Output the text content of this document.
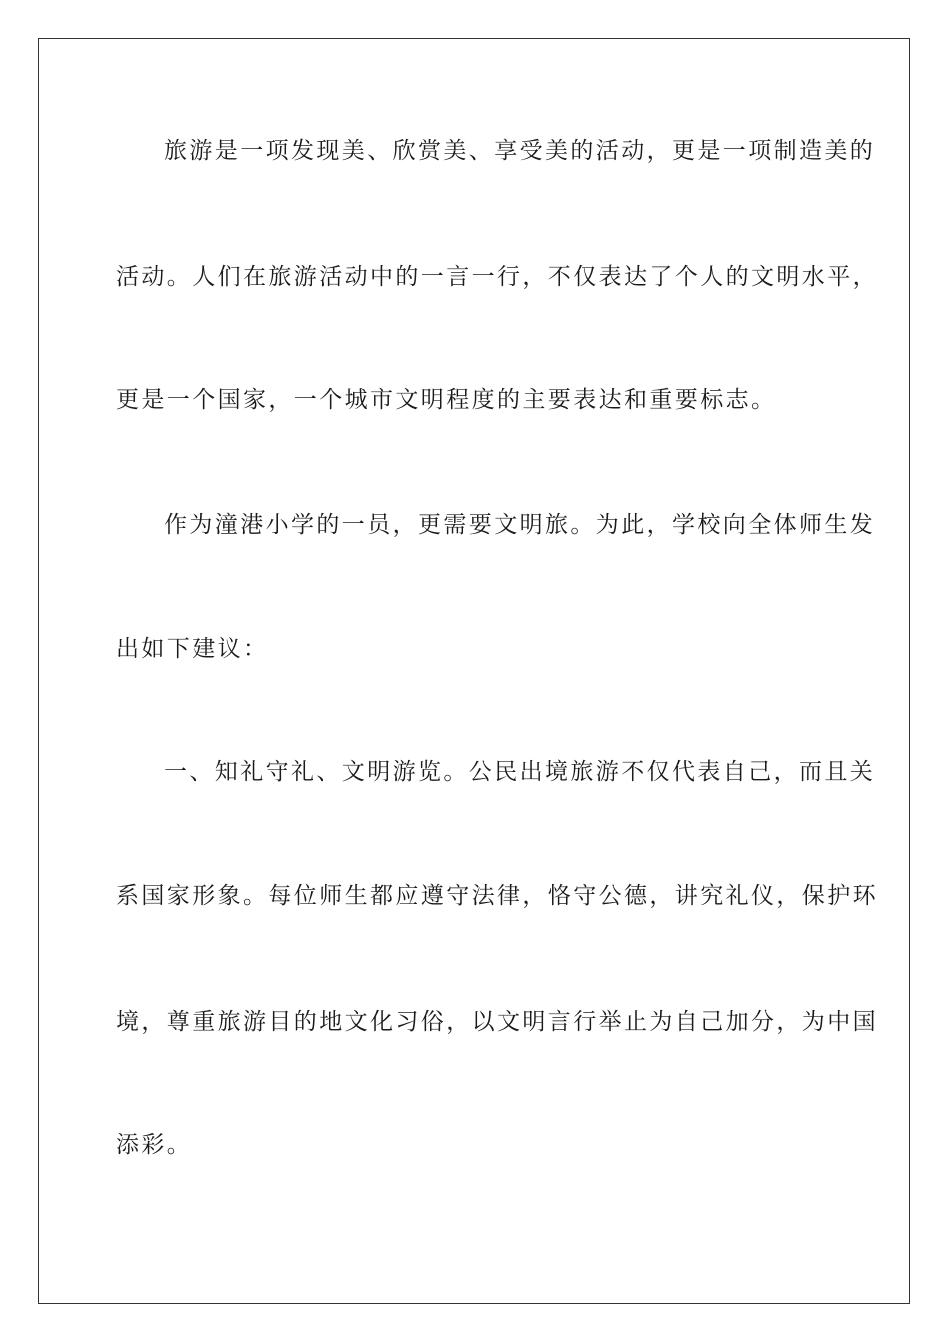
旅游是一项发现美、欣赏美、享受美的活动，更是一项制造美的
活动。人们在旅游活动中的一言一行，不仅表达了个人的文明水平，
更是一个国家，一个城市文明程度的主要表达和重要标志。
作为潼港小学的一员，更需要文明旅。为此，学校向全体师生发
出如下建议：
一、知礼守礼、文明游览。公民出境旅游不仅代表自己，而且关
系国家形象。每位师生都应遵守法律，恪守公德，讲究礼仪，保护环
境，尊重旅游目的地文化习俗，以文明言行举止为自己加分，为中国
添彩。
